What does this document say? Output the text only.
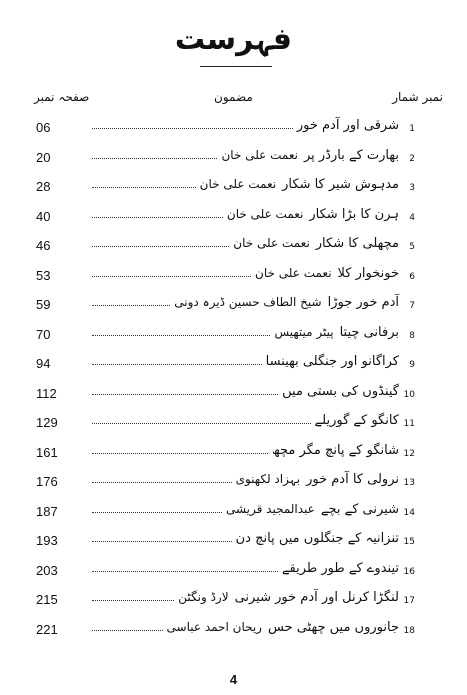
فہرست
نمبر شمار
مضمون
صفحہ نمبر
1
شرقی اور آدم خور
06
2
بھارت کے بارڈر پر
نعمت علی خان
20
3
مدہوش شیر کا شکار
نعمت علی خان
28
4
ہرن کا بڑا شکار
نعمت علی خان
40
5
مچھلی کا شکار
نعمت علی خان
46
6
خونخوار کلا
نعمت علی خان
53
7
آدم خور جوڑا
شیخ الطاف حسین ڈیرہ دونی
59
8
برفانی چیتا
پیٹر میتھیس
70
9
کراگانو اور جنگلی بھینسا
94
10
گینڈوں کی بستی میں
112
11
کانگو کے گوریلے
129
12
شانگو کے پانچ مگر مچھ
161
13
نرولی کا آدم خور
بہزاد لکھنوی
176
14
شیرنی کے بچے
عبدالمجید قریشی
187
15
تنزانیہ کے جنگلوں میں پانچ دن
193
16
تیندوے کے طور طریقے
203
17
لنگڑا کرنل اور آدم خور شیرنی
لارڈ ونگٹن
215
18
جانوروں میں چھٹی حس
ریحان احمد عباسی
221
4
